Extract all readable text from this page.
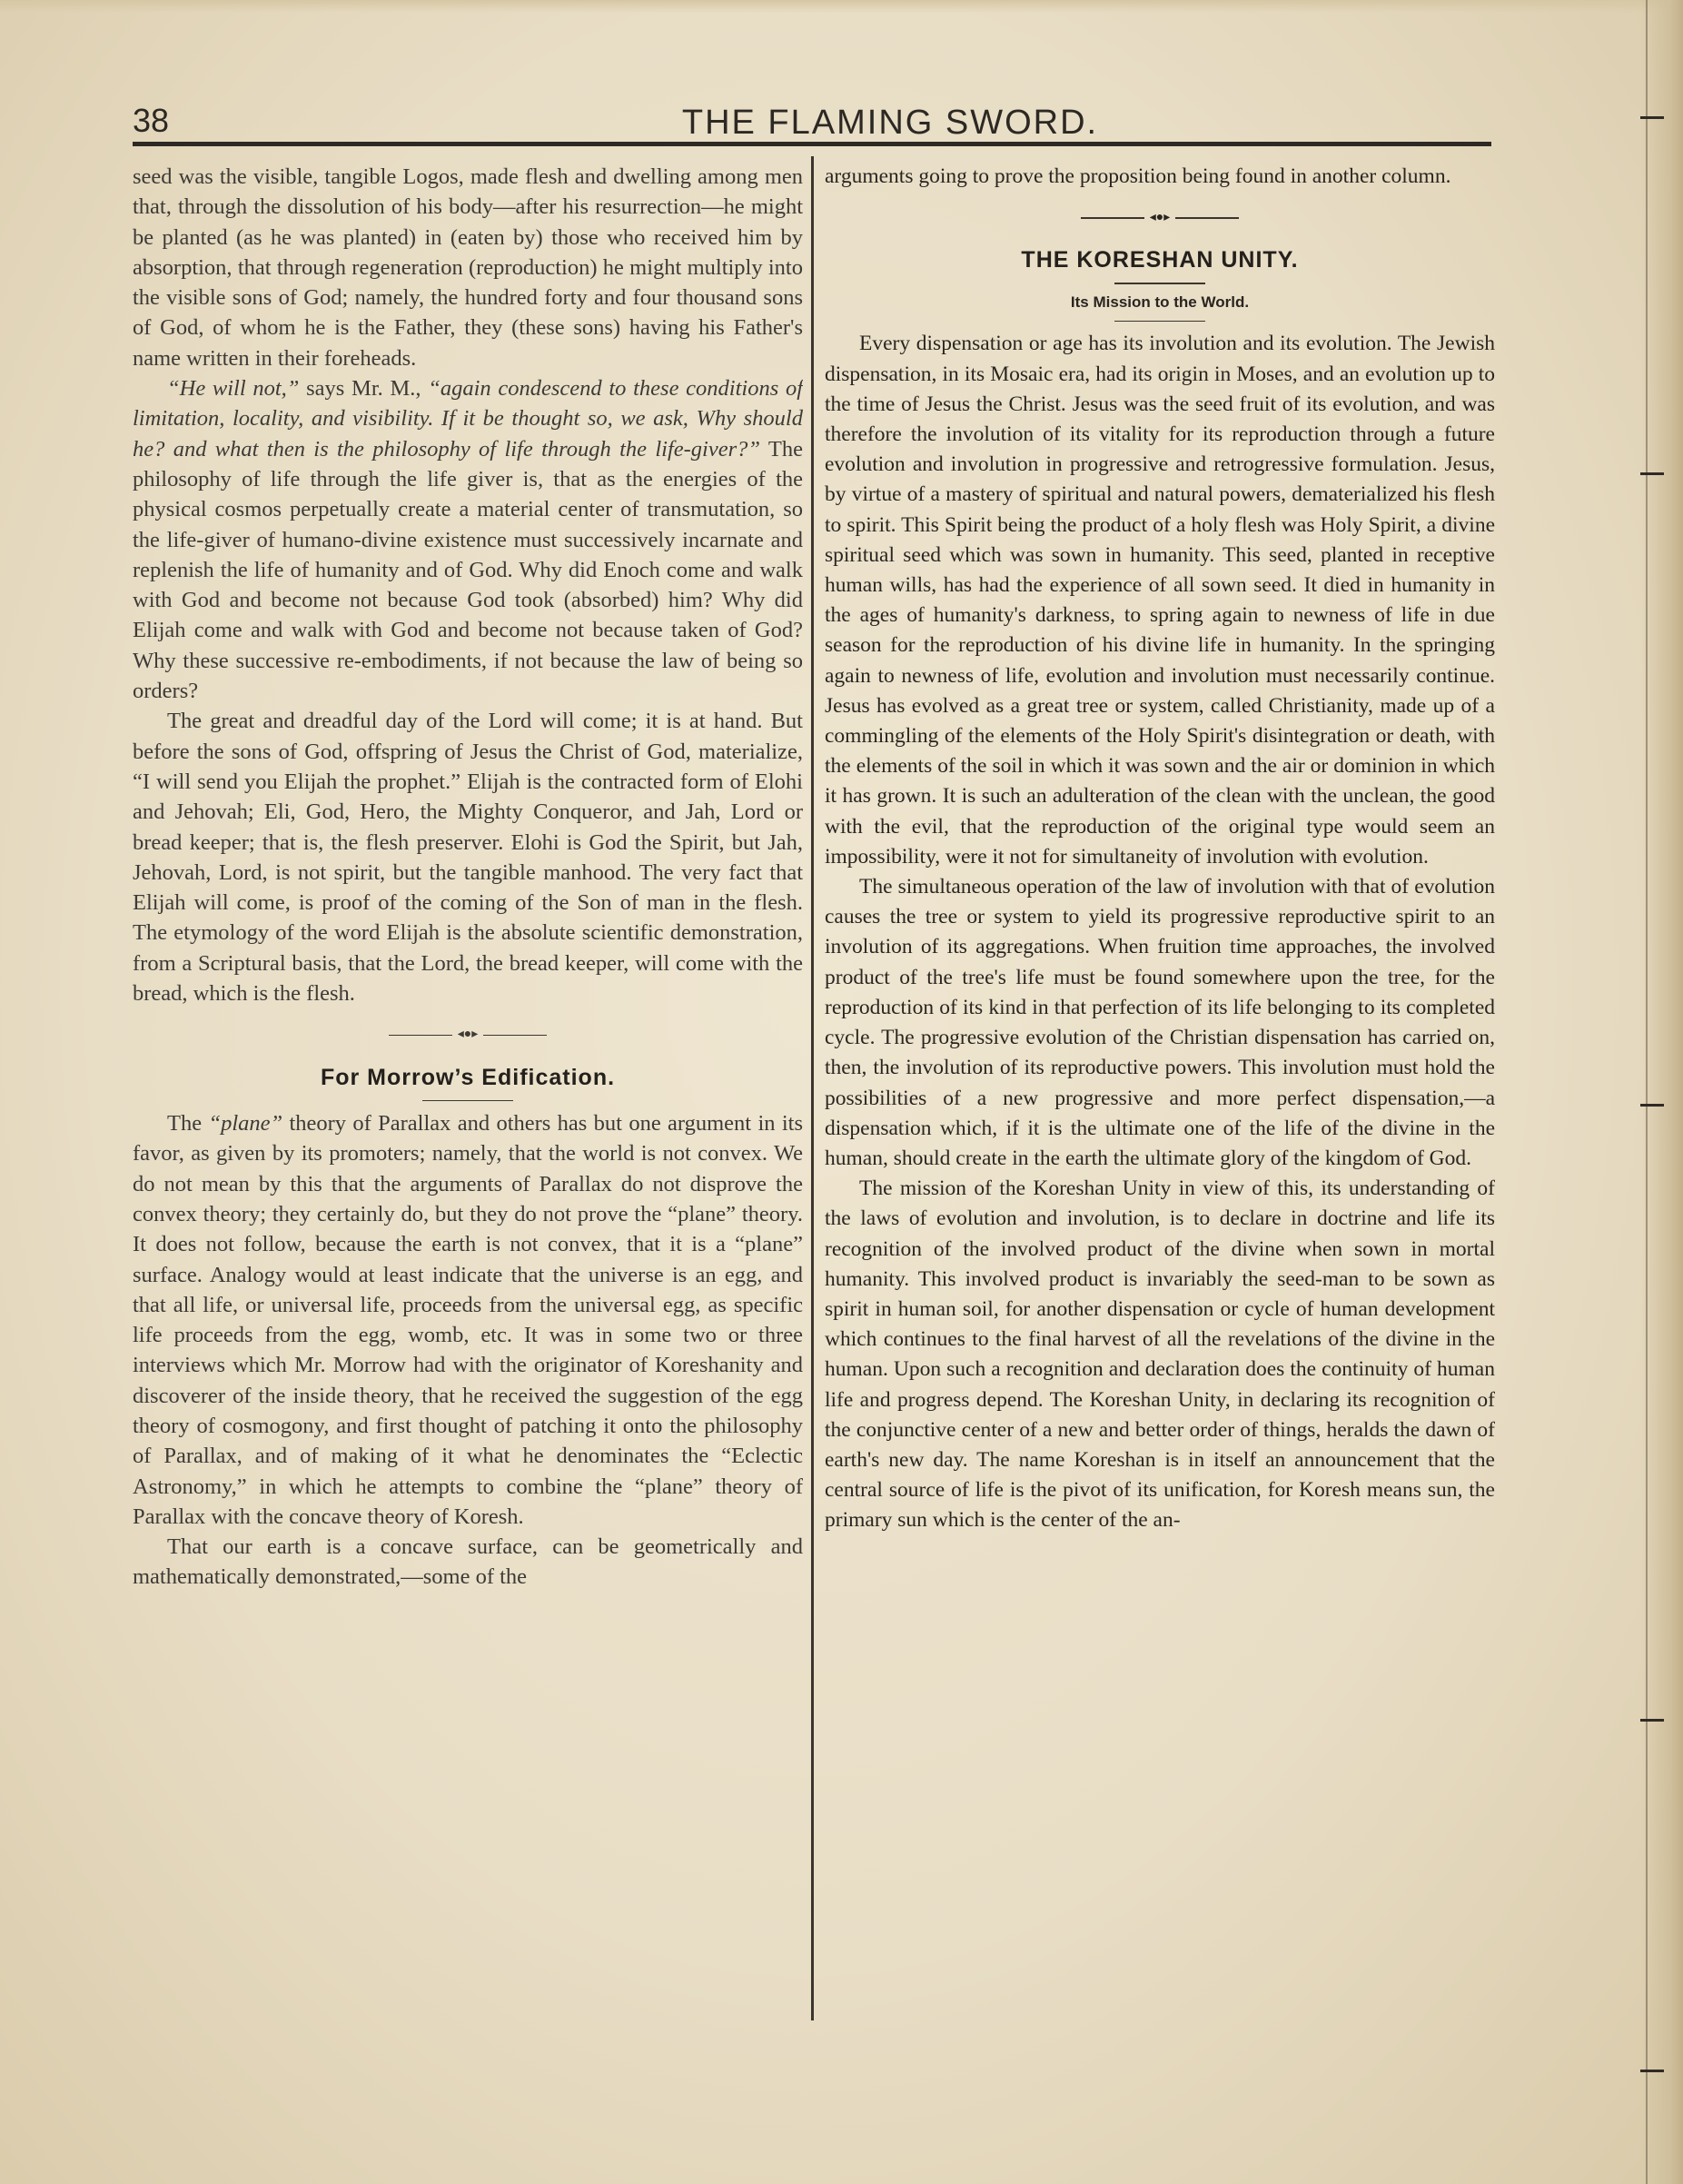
38	THE FLAMING SWORD.

seed was the visible, tangible Logos, made flesh and dwelling among men that, through the dissolution of his body—after his resurrection—he might be planted (as he was planted) in (eaten by) those who received him by absorption, that through regeneration (reproduction) he might multiply into the visible sons of God; namely, the hundred forty and four thousand sons of God, of whom he is the Father, they (these sons) having his Father's name written in their foreheads.

“He will not,” says Mr. M., “again condescend to these conditions of limitation, locality, and visibility. If it be thought so, we ask, Why should he? and what then is the philosophy of life through the life-giver?” The philosophy of life through the life giver is, that as the energies of the physical cosmos perpetually create a material center of transmutation, so the life-giver of humano-divine existence must successively incarnate and replenish the life of humanity and of God. Why did Enoch come and walk with God and become not because God took (absorbed) him? Why did Elijah come and walk with God and become not because taken of God? Why these successive re-embodiments, if not because the law of being so orders?

The great and dreadful day of the Lord will come; it is at hand. But before the sons of God, offspring of Jesus the Christ of God, materialize, “I will send you Elijah the prophet.” Elijah is the contracted form of Elohi and Jehovah; Eli, God, Hero, the Mighty Conqueror, and Jah, Lord or bread keeper; that is, the flesh preserver. Elohi is God the Spirit, but Jah, Jehovah, Lord, is not spirit, but the tangible manhood. The very fact that Elijah will come, is proof of the coming of the Son of man in the flesh. The etymology of the word Elijah is the absolute scientific demonstration, from a Scriptural basis, that the Lord, the bread keeper, will come with the bread, which is the flesh.

◂●▸
For Morrow’s Edification.

The “plane” theory of Parallax and others has but one argument in its favor, as given by its promoters; namely, that the world is not convex. We do not mean by this that the arguments of Parallax do not disprove the convex theory; they certainly do, but they do not prove the “plane” theory. It does not follow, because the earth is not convex, that it is a “plane” surface. Analogy would at least indicate that the universe is an egg, and that all life, or universal life, proceeds from the universal egg, as specific life proceeds from the egg, womb, etc. It was in some two or three interviews which Mr. Morrow had with the originator of Koreshanity and discoverer of the inside theory, that he received the suggestion of the egg theory of cosmogony, and first thought of patching it onto the philosophy of Parallax, and of making of it what he denominates the “Eclectic Astronomy,” in which he attempts to combine the “plane” theory of Parallax with the concave theory of Koresh.

That our earth is a concave surface, can be geometrically and mathematically demonstrated,—some of the

arguments going to prove the proposition being found in another column.

◂●▸
THE KORESHAN UNITY.
Its Mission to the World.

Every dispensation or age has its involution and its evolution. The Jewish dispensation, in its Mosaic era, had its origin in Moses, and an evolution up to the time of Jesus the Christ. Jesus was the seed fruit of its evolution, and was therefore the involution of its vitality for its reproduction through a future evolution and involution in progressive and retrogressive formulation. Jesus, by virtue of a mastery of spiritual and natural powers, dematerialized his flesh to spirit. This Spirit being the product of a holy flesh was Holy Spirit, a divine spiritual seed which was sown in humanity. This seed, planted in receptive human wills, has had the experience of all sown seed. It died in humanity in the ages of humanity's darkness, to spring again to newness of life in due season for the reproduction of his divine life in humanity. In the springing again to newness of life, evolution and involution must necessarily continue. Jesus has evolved as a great tree or system, called Christianity, made up of a commingling of the elements of the Holy Spirit's disintegration or death, with the elements of the soil in which it was sown and the air or dominion in which it has grown. It is such an adulteration of the clean with the unclean, the good with the evil, that the reproduction of the original type would seem an impossibility, were it not for simultaneity of involution with evolution.

The simultaneous operation of the law of involution with that of evolution causes the tree or system to yield its progressive reproductive spirit to an involution of its aggregations. When fruition time approaches, the involved product of the tree's life must be found somewhere upon the tree, for the reproduction of its kind in that perfection of its life belonging to its completed cycle. The progressive evolution of the Christian dispensation has carried on, then, the involution of its reproductive powers. This involution must hold the possibilities of a new progressive and more perfect dispensation,—a dispensation which, if it is the ultimate one of the life of the divine in the human, should create in the earth the ultimate glory of the kingdom of God.

The mission of the Koreshan Unity in view of this, its understanding of the laws of evolution and involution, is to declare in doctrine and life its recognition of the involved product of the divine when sown in mortal humanity. This involved product is invariably the seed-man to be sown as spirit in human soil, for another dispensation or cycle of human development which continues to the final harvest of all the revelations of the divine in the human. Upon such a recognition and declaration does the continuity of human life and progress depend. The Koreshan Unity, in declaring its recognition of the conjunctive center of a new and better order of things, heralds the dawn of earth's new day. The name Koreshan is in itself an announcement that the central source of life is the pivot of its unification, for Koresh means sun, the primary sun which is the center of the an-
